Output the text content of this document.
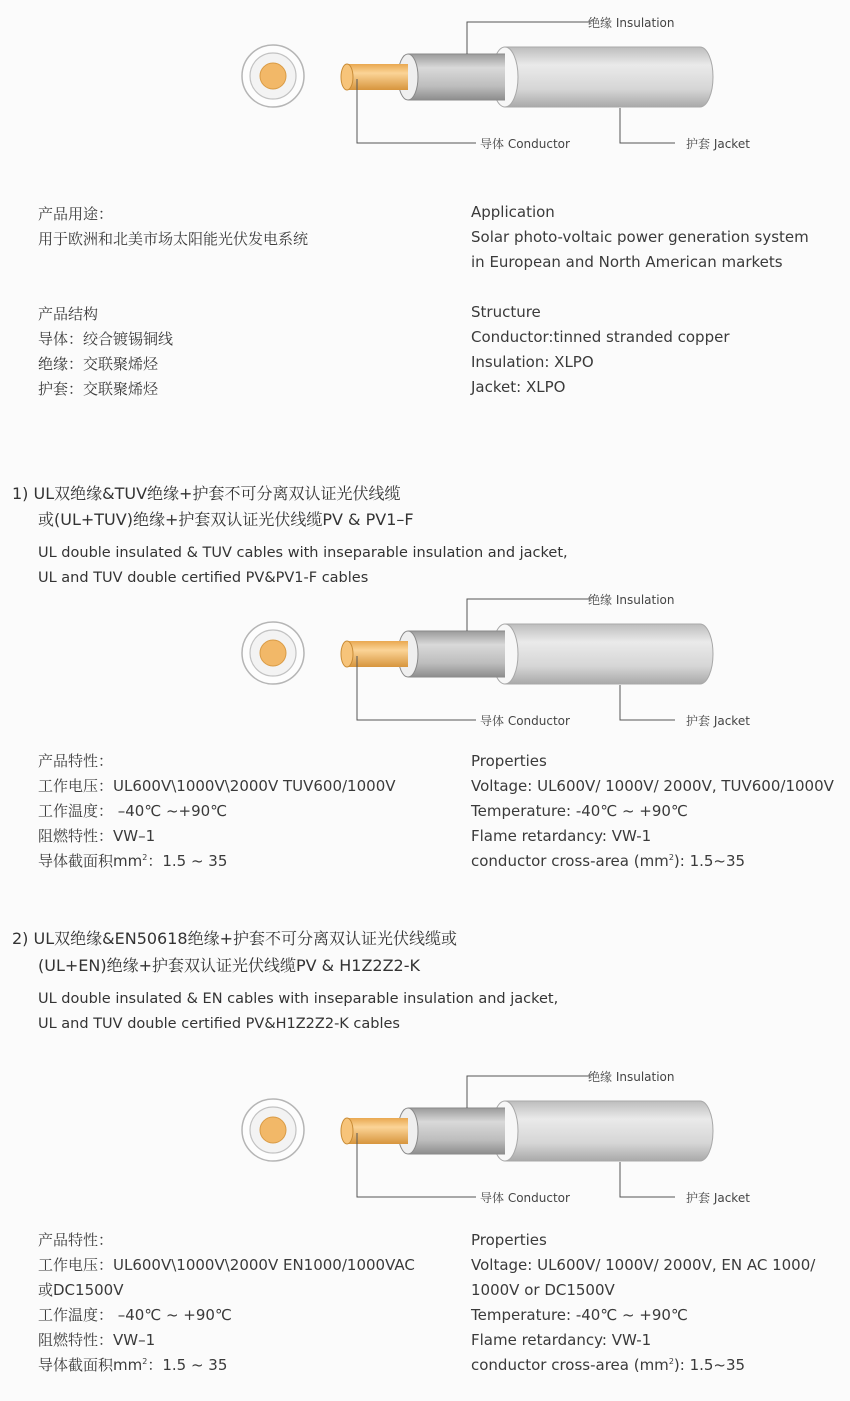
绝缘 Insulation
导体 Conductor	护套 Jacket
产品用途：
用于欧洲和北美市场太阳能光伏发电系统
产品结构
导体：绞合镀锡铜线
绝缘：交联聚烯烃
护套：交联聚烯烃
Application
Solar photo-voltaic power generation system
in European and North American markets
Structure
Conductor:tinned stranded copper
Insulation: XLPO
Jacket: XLPO
1) UL双绝缘&TUV绝缘+护套不可分离双认证光伏线缆
或(UL+TUV)绝缘+护套双认证光伏线缆PV & PV1–F
UL double insulated & TUV cables with inseparable insulation and jacket,
UL and TUV double certified PV&PV1-F cables
绝缘 Insulation
导体 Conductor	护套 Jacket
产品特性：
工作电压：UL600V\1000V\2000V TUV600/1000V
工作温度： –40℃ ~+90℃
阻燃特性：VW–1
导体截面积$mm^2$：1.5 ~ 35
Properties
Voltage: UL600V/ 1000V/ 2000V, TUV600/1000V
Temperature: -40℃ ~ +90℃
Flame retardancy: VW-1
conductor cross-area $(mm^2)$: 1.5~35
2) UL双绝缘&EN50618绝缘+护套不可分离双认证光伏线缆或
(UL+EN)绝缘+护套双认证光伏线缆PV & H1Z2Z2-K
UL double insulated & EN cables with inseparable insulation and jacket,
UL and TUV double certified PV&H1Z2Z2-K cables
绝缘 Insulation
导体 Conductor	护套 Jacket
产品特性：
工作电压：UL600V\1000V\2000V EN1000/1000VAC
或DC1500V
工作温度： –40℃ ~ +90℃
阻燃特性：VW–1
导体截面积$mm^2$：1.5 ~ 35
Properties
Voltage: UL600V/ 1000V/ 2000V, EN AC 1000/
1000V or DC1500V
Temperature: -40℃ ~ +90℃
Flame retardancy: VW-1
conductor cross-area $(mm^2)$: 1.5~35
